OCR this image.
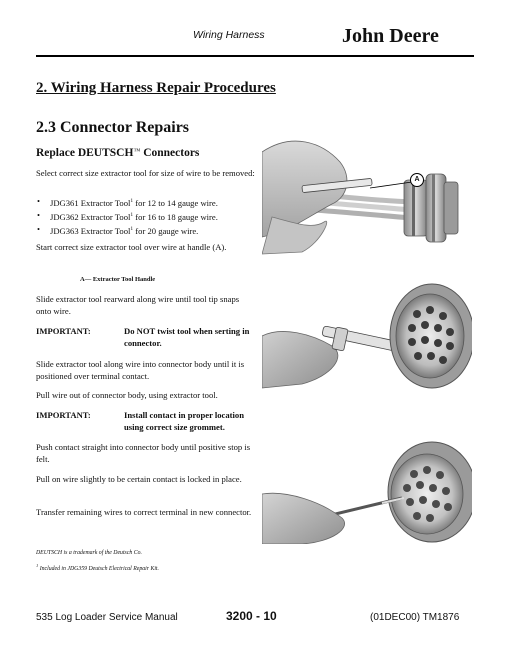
Wiring Harness	John Deere
2. Wiring Harness Repair Procedures
2.3 Connector Repairs
Replace DEUTSCH™ Connectors
Select correct size extractor tool for size of wire to be removed:
• JDG361 Extractor Tool$^1$ for 12 to 14 gauge wire.
• JDG362 Extractor Tool$^1$ for 16 to 18 gauge wire.
• JDG363 Extractor Tool$^1$ for 20 gauge wire.
Start correct size extractor tool over wire at handle (A).
A— Extractor Tool Handle
Slide extractor tool rearward along wire until tool tip snaps onto wire.
IMPORTANT:	Do NOT twist tool when serting in
connector.
Slide extractor tool along wire into connector body until it is positioned over terminal contact.
Pull wire out of connector body, using extractor tool.
IMPORTANT:	Install contact in proper location
using correct size grommet.
Push contact straight into connector body until positive stop is felt.
Pull on wire slightly to be certain contact is locked in place.
Transfer remaining wires to correct terminal in new connector.
DEUTSCH is a trademark of the Deutsch Co.
$^1$ Included in JDG359 Deutsch Electrical Repair Kit.
A
535 Log Loader Service Manual	3200 - 10	(01DEC00) TM1876
